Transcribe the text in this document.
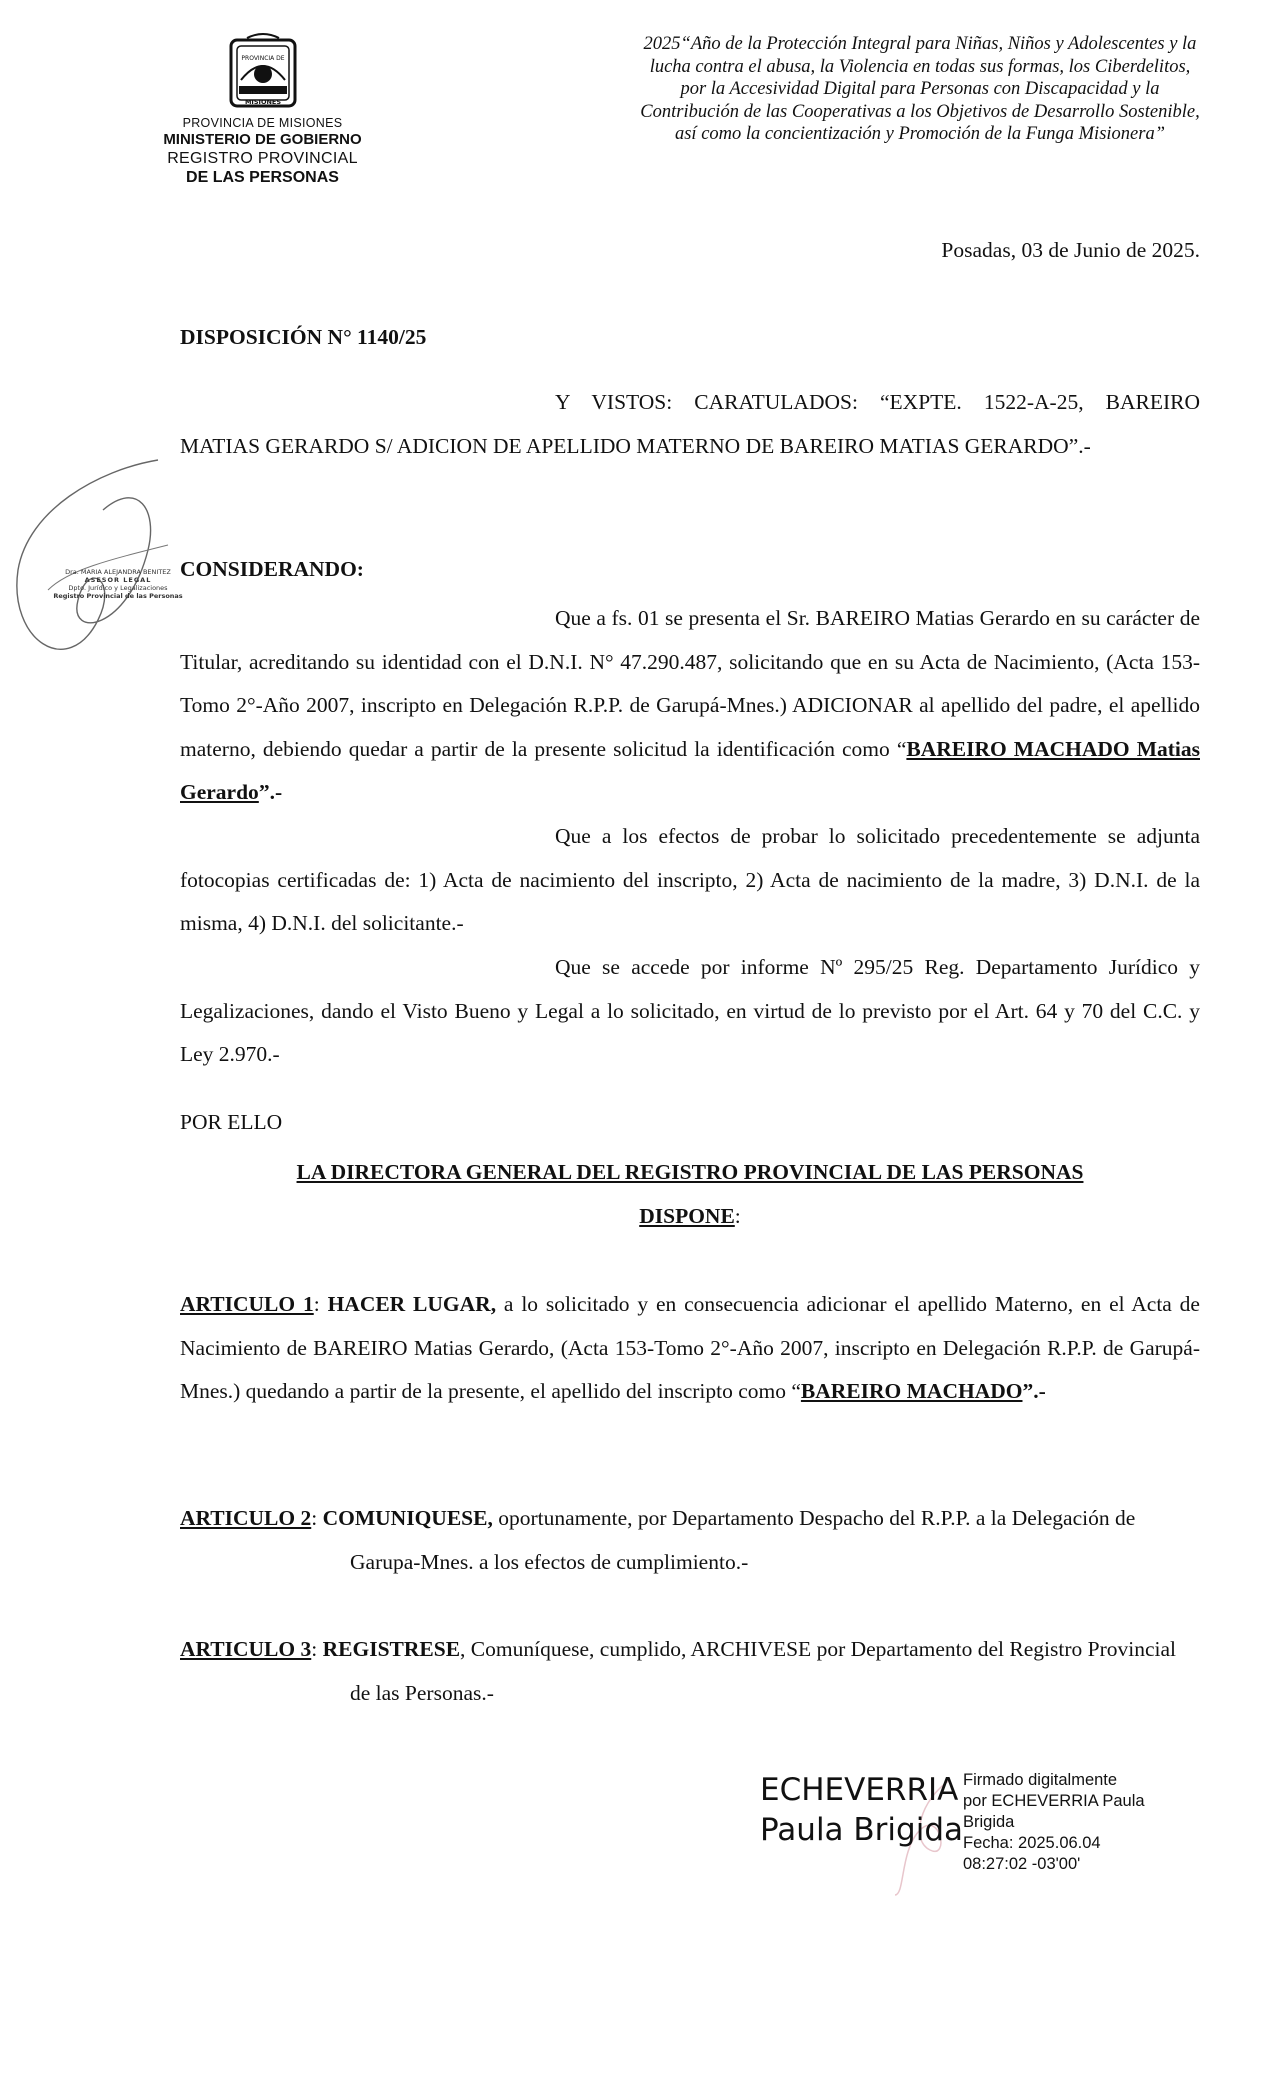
PROVINCIA DE
MISIONES
PROVINCIA DE MISIONES
MINISTERIO DE GOBIERNO
REGISTRO PROVINCIAL
DE LAS PERSONAS
2025“Año de la Protección Integral para Niñas, Niños y Adolescentes y la lucha contra el abusa, la Violencia en todas sus formas, los Ciberdelitos, por la Accesividad Digital para Personas con Discapacidad y la Contribución de las Cooperativas a los Objetivos de Desarrollo Sostenible, así como la concientización y Promoción de la Funga Misionera”
Posadas, 03 de Junio de 2025.
DISPOSICIÓN N° 1140/25
Y VISTOS: CARATULADOS: “EXPTE. 1522-A-25, BAREIRO MATIAS GERARDO S/ ADICION DE APELLIDO MATERNO DE BAREIRO MATIAS GERARDO”.-
CONSIDERANDO:
Que a fs. 01 se presenta el Sr. BAREIRO Matias Gerardo en su carácter de Titular, acreditando su identidad con el D.N.I. N° 47.290.487, solicitando que en su Acta de Nacimiento, (Acta 153-Tomo 2°-Año 2007, inscripto en Delegación R.P.P. de Garupá-Mnes.) ADICIONAR al apellido del padre, el apellido materno, debiendo quedar a partir de la presente solicitud la identificación como “BAREIRO MACHADO Matias Gerardo”.-
Que a los efectos de probar lo solicitado precedentemente se adjunta fotocopias certificadas de: 1) Acta de nacimiento del inscripto, 2) Acta de nacimiento de la madre, 3) D.N.I. de la misma, 4) D.N.I. del solicitante.-
Que se accede por informe Nº 295/25 Reg. Departamento Jurídico y Legalizaciones, dando el Visto Bueno y Legal a lo solicitado, en virtud de lo previsto por el Art. 64 y 70 del C.C. y Ley 2.970.-
POR ELLO
LA DIRECTORA GENERAL DEL REGISTRO PROVINCIAL DE LAS PERSONAS
DISPONE:
ARTICULO 1: HACER LUGAR, a lo solicitado y en consecuencia adicionar el apellido Materno, en el Acta de Nacimiento de BAREIRO Matias Gerardo, (Acta 153-Tomo 2°-Año 2007, inscripto en Delegación R.P.P. de Garupá-Mnes.) quedando a partir de la presente, el apellido del inscripto como “BAREIRO MACHADO”.-
ARTICULO 2: COMUNIQUESE, oportunamente, por Departamento Despacho del R.P.P. a la Delegación de Garupa-Mnes. a los efectos de cumplimiento.-
ARTICULO 3: REGISTRESE, Comuníquese, cumplido, ARCHIVESE por Departamento del Registro Provincial de las Personas.-
Dra. MARIA ALEJANDRA BENITEZ
ASESOR LEGAL
Dpto. Jurídico y Legalizaciones
Registro Provincial de las Personas
ECHEVERRIA
Paula Brigida
Firmado digitalmente
por ECHEVERRIA Paula
Brigida
Fecha: 2025.06.04
08:27:02 -03'00'
